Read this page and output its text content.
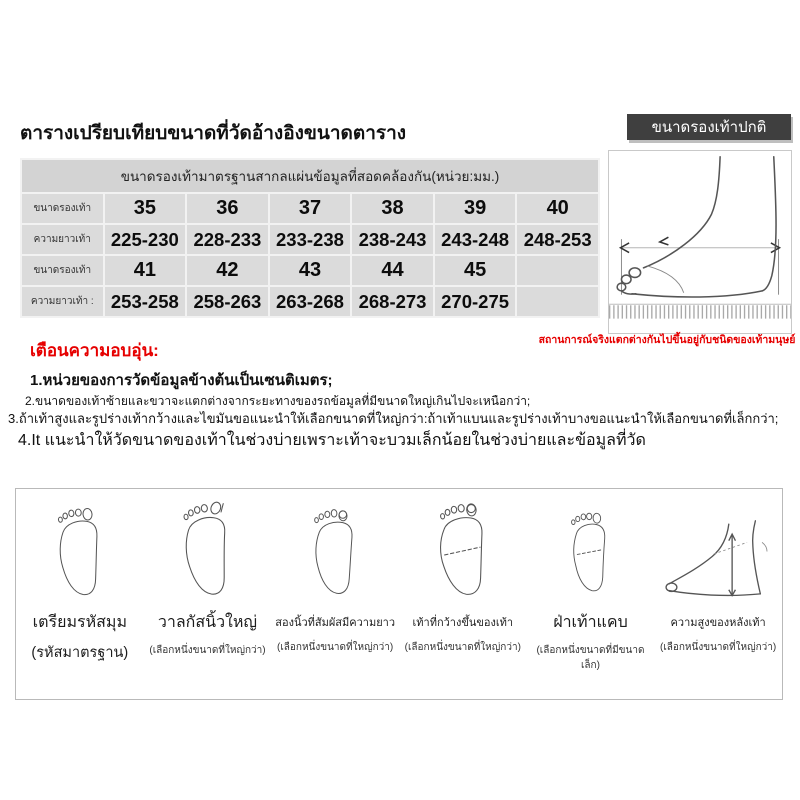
ตารางเปรียบเทียบขนาดที่วัดอ้างอิงขนาดตาราง	ขนาดรองเท้าปกติ
ขนาดรองเท้ามาตรฐานสากลแผ่นข้อมูลที่สอดคล้องกัน(หน่วย:มม.)						
ขนาดรองเท้า	35	36	37	38	39	40
ความยาวเท้า	225-230	228-233	233-238	238-243	243-248	248-253
ขนาดรองเท้า	41	42	43	44	45	
ความยาวเท้า :	253-258	258-263	263-268	268-273	270-275	
สถานการณ์จริงแตกต่างกันไปขึ้นอยู่กับชนิดของเท้ามนุษย์
เตือนความอบอุ่น:
1.หน่วยของการวัดข้อมูลข้างต้นเป็นเซนติเมตร;
2.ขนาดของเท้าซ้ายและขวาจะแตกต่างจากระยะทางของรถข้อมูลที่มีขนาดใหญ่เกินไปจะเหนือกว่า;
3.ถ้าเท้าสูงและรูปร่างเท้ากว้างและไขมันขอแนะนำให้เลือกขนาดที่ใหญ่กว่า:ถ้าเท้าแบนและรูปร่างเท้าบางขอแนะนำให้เลือกขนาดที่เล็กกว่า;
4.It แนะนำให้วัดขนาดของเท้าในช่วงบ่ายเพราะเท้าจะบวมเล็กน้อยในช่วงบ่ายและข้อมูลที่วัด
เตรียมรหัสมุม
(รหัสมาตรฐาน)
วาลกัสนิ้วใหญ่
(เลือกหนึ่งขนาดที่ใหญ่กว่า)
สองนิ้วที่สัมผัสมีความยาว
(เลือกหนึ่งขนาดที่ใหญ่กว่า)
เท้าที่กว้างขึ้นของเท้า
(เลือกหนึ่งขนาดที่ใหญ่กว่า)
ฝ่าเท้าแคบ
(เลือกหนึ่งขนาดที่มีขนาดเล็ก)
ความสูงของหลังเท้า
(เลือกหนึ่งขนาดที่ใหญ่กว่า)
